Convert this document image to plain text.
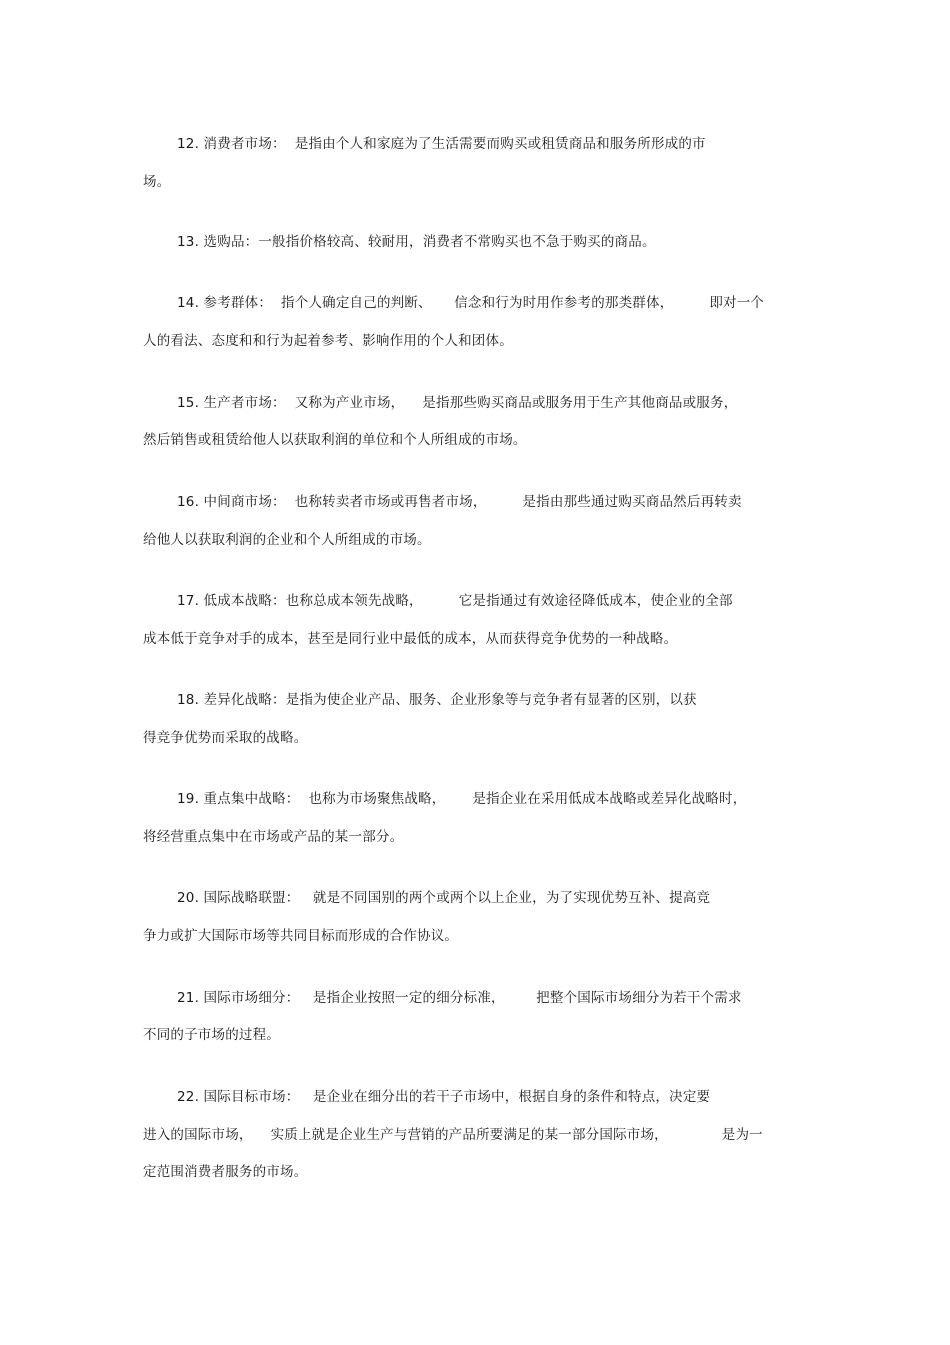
12. 消费者市场：  是指由个人和家庭为了生活需要而购买或租赁商品和服务所形成的市
场。
13. 选购品：一般指价格较高、较耐用，消费者不常购买也不急于购买的商品。
14. 参考群体：  指个人确定自己的判断、     信念和行为时用作参考的那类群体，        即对一个
人的看法、态度和和行为起着参考、影响作用的个人和团体。
15. 生产者市场：  又称为产业市场，    是指那些购买商品或服务用于生产其他商品或服务，
然后销售或租赁给他人以获取利润的单位和个人所组成的市场。
16. 中间商市场：  也称转卖者市场或再售者市场，        是指由那些通过购买商品然后再转卖
给他人以获取利润的企业和个人所组成的市场。
17. 低成本战略：也称总成本领先战略，        它是指通过有效途径降低成本，使企业的全部
成本低于竞争对手的成本，甚至是同行业中最低的成本，从而获得竞争优势的一种战略。
18. 差异化战略：是指为使企业产品、服务、企业形象等与竞争者有显著的区别，以获
得竞争优势而采取的战略。
19. 重点集中战略：  也称为市场聚焦战略，      是指企业在采用低成本战略或差异化战略时，
将经营重点集中在市场或产品的某一部分。
20. 国际战略联盟：   就是不同国别的两个或两个以上企业，为了实现优势互补、提高竞
争力或扩大国际市场等共同目标而形成的合作协议。
21. 国际市场细分：   是指企业按照一定的细分标准，       把整个国际市场细分为若干个需求
不同的子市场的过程。
22. 国际目标市场：   是企业在细分出的若干子市场中，根据自身的条件和特点，决定要
进入的国际市场，    实质上就是企业生产与营销的产品所要满足的某一部分国际市场，            是为一
定范围消费者服务的市场。
